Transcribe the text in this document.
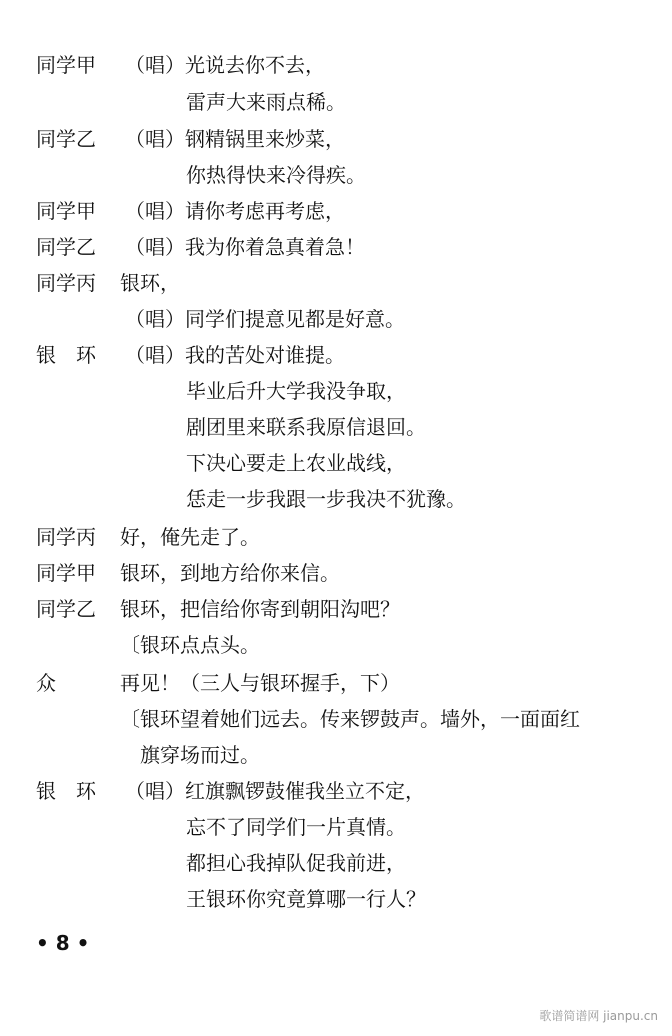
同学甲 （唱）光说去你不去，
雷声大来雨点稀。
同学乙 （唱）钢精锅里来炒菜，
你热得快来冷得疾。
同学甲 （唱）请你考虑再考虑，
同学乙 （唱）我为你着急真着急！
同学丙 银环，
（唱）同学们提意见都是好意。
银　环 （唱）我的苦处对谁提。
毕业后升大学我没争取，
剧团里来联系我原信退回。
下决心要走上农业战线，
恁走一步我跟一步我决不犹豫。
同学丙 好，俺先走了。
同学甲 银环，到地方给你来信。
同学乙 银环，把信给你寄到朝阳沟吧？
〔银环点点头。
众	再见！（三人与银环握手，下）
〔银环望着她们远去。传来锣鼓声。墙外，一面面红
旗穿场而过。
银　环 （唱）红旗飘锣鼓催我坐立不定，
忘不了同学们一片真情。
都担心我掉队促我前进，
王银环你究竟算哪一行人？
• 8 •
歌谱简谱网 jianpu.cn
